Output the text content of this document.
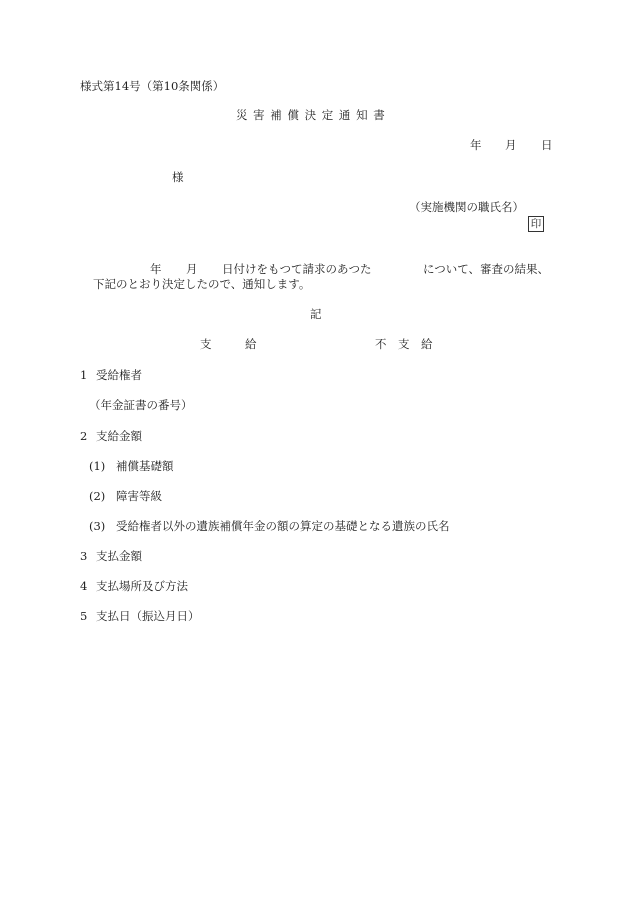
様式第14号（第10条関係）
災 害 補 償 決 定 通 知 書
年 月 日
様
（実施機関の職氏名）
印
年 月 日付けをもつて請求のあつた	について、審査の結果、
下記のとおり決定したので、通知します。
記
支	給	不 支 給
1 受給権者
（年金証書の番号）
2 支給金額
(1) 補償基礎額
(2) 障害等級
(3) 受給権者以外の遺族補償年金の額の算定の基礎となる遺族の氏名
3 支払金額
4 支払場所及び方法
5 支払日（振込月日）
